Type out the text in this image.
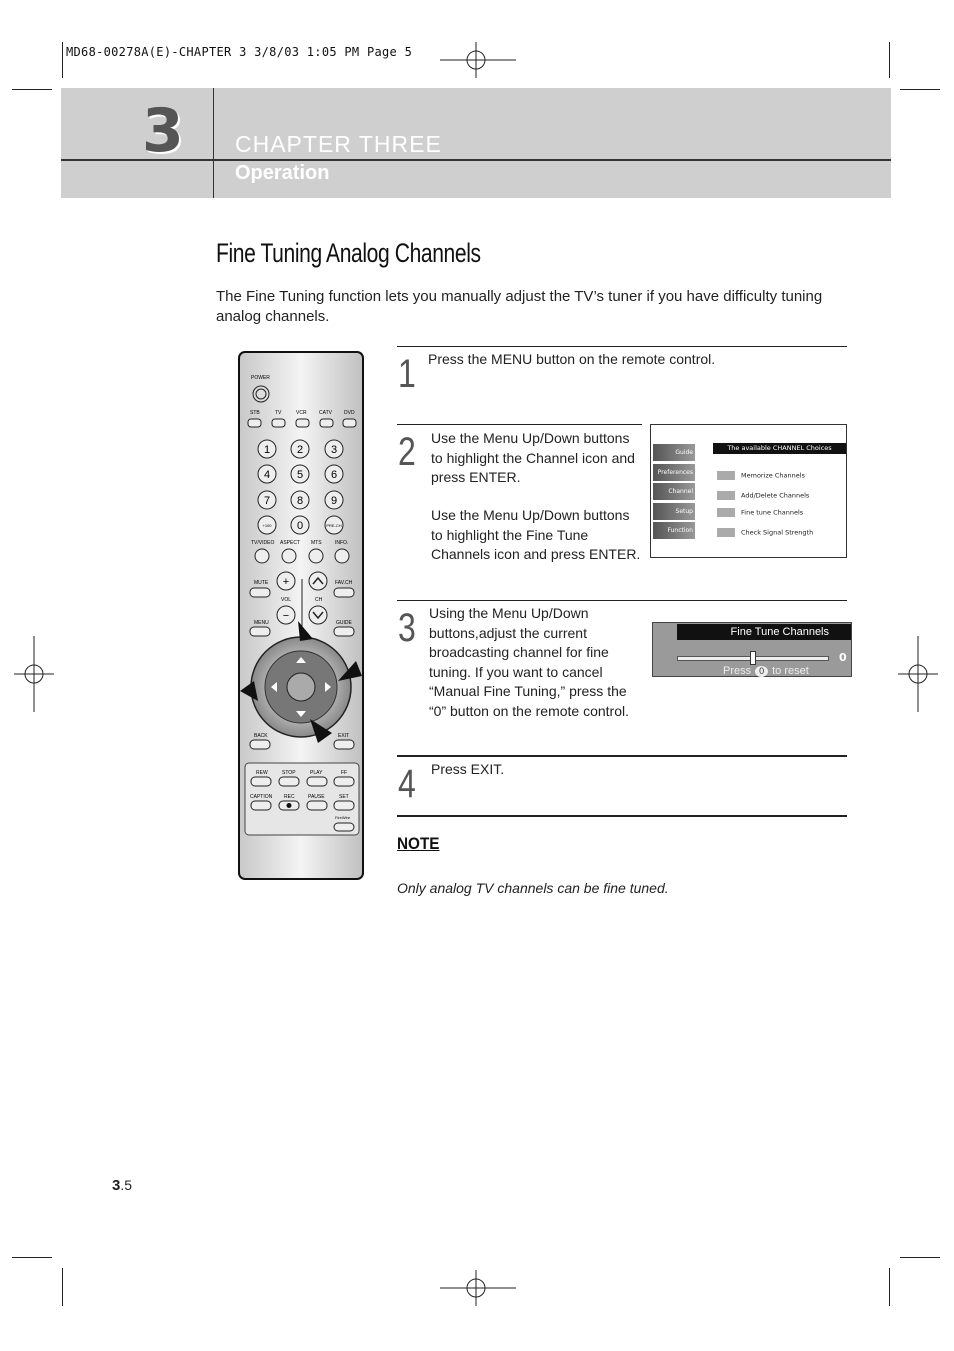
MD68-00278A(E)-CHAPTER 3 3/8/03 1:05 PM Page 5
3 CHAPTER THREE
Operation
Fine Tuning Analog Channels
The Fine Tuning function lets you manually adjust the TV’s tuner if you have difficulty tuning analog channels.
1 Press the MENU button on the remote control.
2 Use the Menu Up/Down buttons to highlight the Channel icon and press ENTER.
Use the Menu Up/Down buttons to highlight the Fine Tune Channels icon and press ENTER.
Guide
Preferences
Channel
Setup
Function
The available CHANNEL Choices
Memorize Channels
Add/Delete Channels
Fine tune Channels
Check Signal Strength
3 Using the Menu Up/Down buttons,adjust the current broadcasting channel for fine tuning. If you want to cancel “Manual Fine Tuning,” press the “0” button on the remote control.
Fine Tune Channels
0
Press 0 to reset
4 Press EXIT.
NOTE
Only analog TV channels can be fine tuned.
3.5
POWER
STB	TV	VCR CATV DVD
1 2	3
4 5	6
7 8	9
+100 0	PRE-CH
TV/VIDEO ASPECT MTS	INFO.
MUTE	FAV.CH
+
−
VOL	CH
MENU	GUIDE
BACK	EXIT
REW	STOP	PLAY	FF
CAPTION REC	PAUSE	SET
FireWire
